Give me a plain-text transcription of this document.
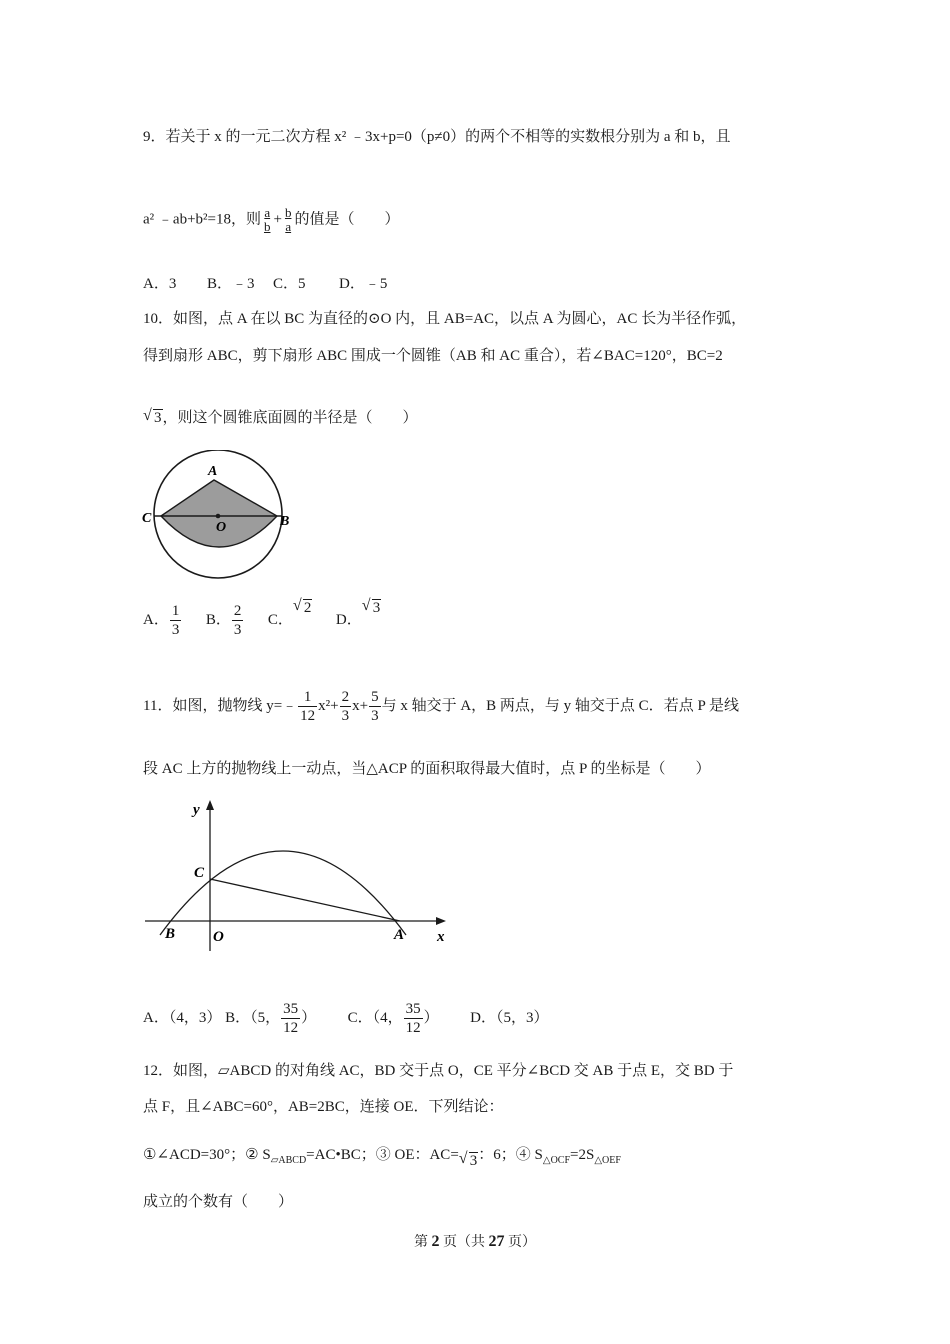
9．若关于 x 的一元二次方程 x² ﹣3x+p=0（p≠0）的两个不相等的实数根分别为 a 和 b，且
a² ﹣ab+b²=18，则 $\frac{a}{b} + \frac{b}{a}$ 的值是（　　）
A．3 B．﹣3 C．5 D．﹣5
10．如图，点 A 在以 BC 为直径的⊙O 内，且 AB=AC，以点 A 为圆心，AC 长为半径作弧，
得到扇形 ABC，剪下扇形 ABC 围成一个圆锥（AB 和 AC 重合），若∠BAC=120°，BC=2
√ 3，则这个圆锥底面圆的半径是（　　）
A
C	B
O
A． $\frac{1}{3}$ B． $\frac{2}{3}$ C．
√ 2  D．
√ 3
11．如图，抛物线 y=﹣ $\frac{1}{12} x^2+ \frac{2}{3} x+ \frac{5}{3}$ 与 x 轴交于 A，B 两点，与 y 轴交于点 C．若点 P 是线
段 AC 上方的抛物线上一动点，当△ACP 的面积取得最大值时，点 P 的坐标是（　　）
y
x
C
B	O	A
A．（4，3） B．（5， $\frac{35}{12}$ ） C．（4， $\frac{35}{12}$ ） D．（5，3）
12．如图，▱ABCD 的对角线 AC，BD 交于点 O，CE 平分∠BCD 交 AB 于点 E，交 BD 于
点 F，且∠ABC=60°，AB=2BC，连接 OE．下列结论：
①∠ACD=30°；② $S_{▱ABCD}=AC•BC$；③ OE：AC= √ 3：6；④ $S_{\triangle OCF}=2S_{\triangle OEF}$
成立的个数有（　　）
第 2 页（共 27 页）
